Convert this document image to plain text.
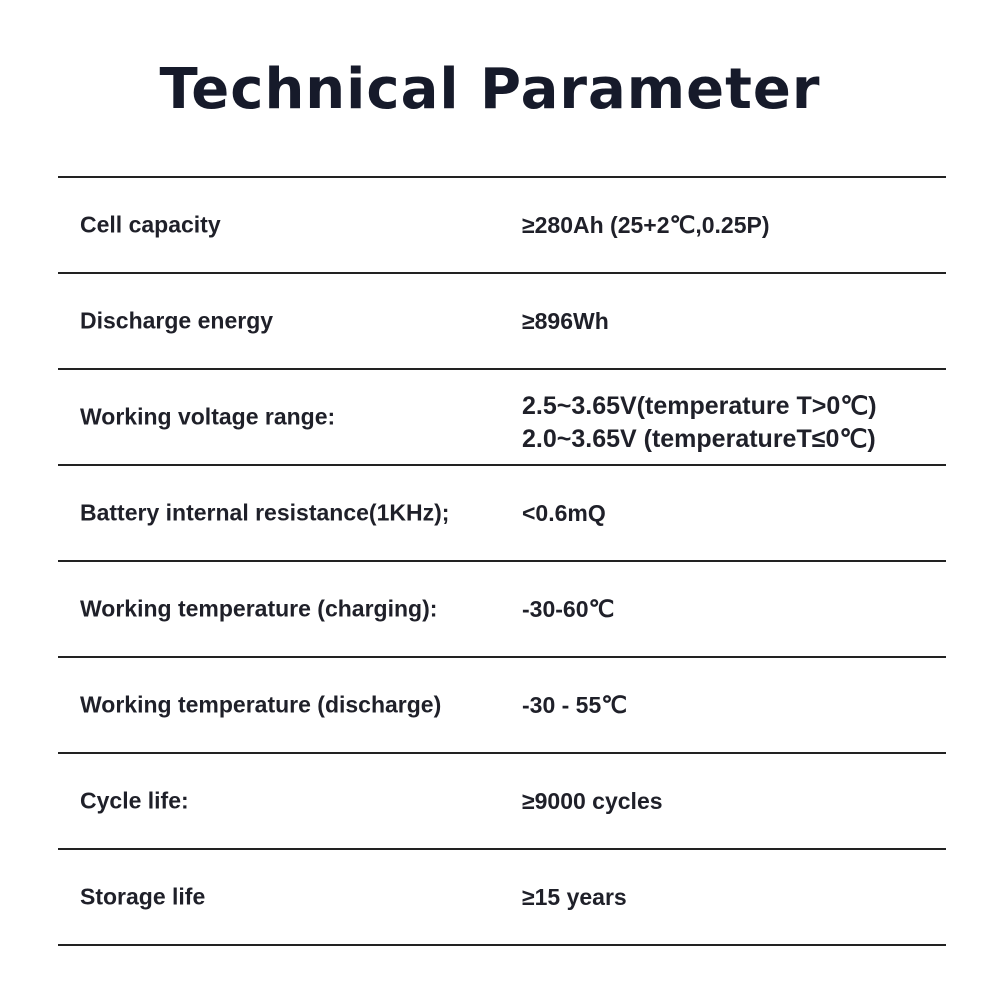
Technical Parameter
Cell capacity	≥280Ah (25+2℃,0.25P)
Discharge energy	≥896Wh
Working voltage range:	2.5~3.65V(temperature T>0℃)
2.0~3.65V (temperatureT≤0℃)
Battery internal resistance(1KHz);	<0.6mQ
Working temperature (charging):	-30-60℃
Working temperature (discharge)	-30 - 55℃
Cycle life:	≥9000 cycles
Storage life	≥15 years
